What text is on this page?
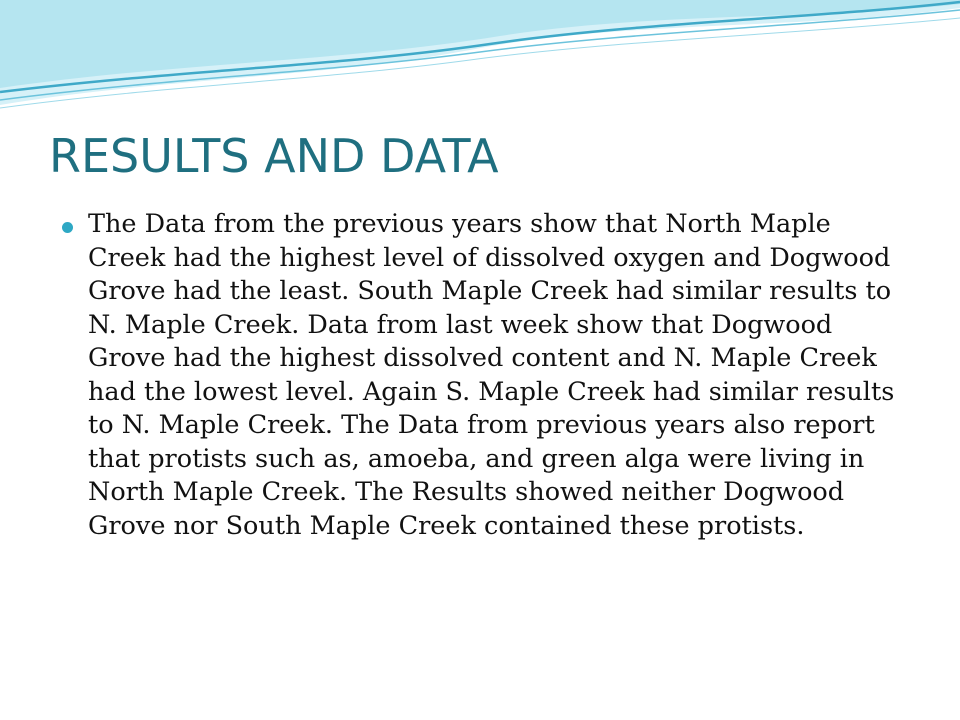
RESULTS AND DATA
The Data from the previous years show that North Maple Creek had the highest level of dissolved oxygen and Dogwood Grove had the least. South Maple Creek had similar results to N. Maple Creek. Data from last week show that Dogwood Grove had the highest dissolved content and N. Maple Creek had the lowest level. Again S. Maple Creek had similar results to N. Maple Creek. The Data from previous years also report that protists such as, amoeba, and green alga were living in North Maple Creek. The Results showed neither Dogwood Grove nor South Maple Creek contained these protists.
